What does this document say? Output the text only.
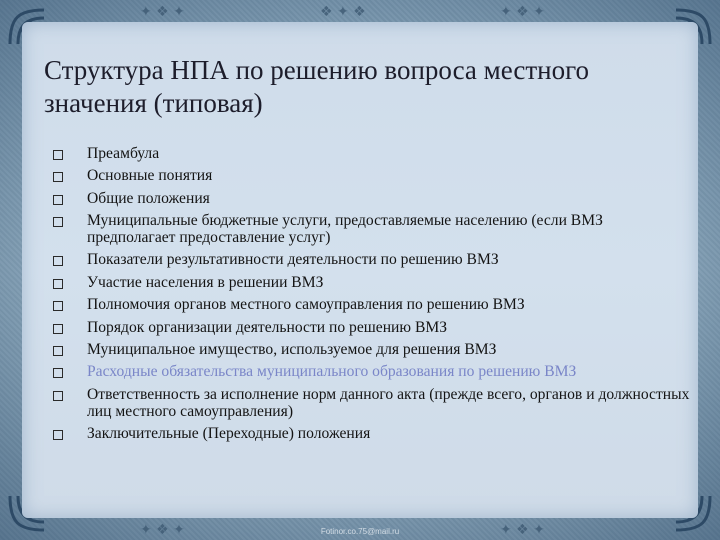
✦ ❖ ✦	❖ ✦ ❖	✦ ❖ ✦
✦ ❖ ✦	✦ ❖ ✦
Структура НПА по решению вопроса местного значения (типовая)
Преамбула
Основные понятия
Общие положения
Муниципальные бюджетные услуги, предоставляемые населению (если ВМЗ предполагает предоставление услуг)
Показатели результативности деятельности по решению ВМЗ
Участие населения в решении ВМЗ
Полномочия органов местного самоуправления по решению ВМЗ
Порядок организации деятельности по решению ВМЗ
Муниципальное имущество, используемое для решения ВМЗ
Расходные обязательства муниципального образования по решению ВМЗ
Ответственность за исполнение норм данного акта (прежде всего, органов и должностных лиц местного самоуправления)
Заключительные (Переходные) положения
Fotinor.co.75@mail.ru
